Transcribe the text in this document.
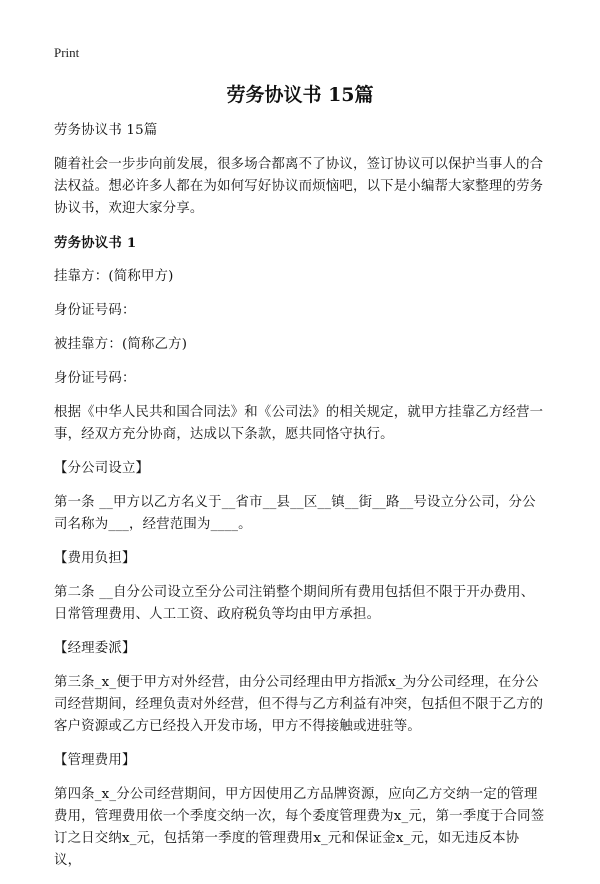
Print
劳务协议书 15篇

劳务协议书 15篇

随着社会一步步向前发展，很多场合都离不了协议，签订协议可以保护当事人的合法权益。想必许多人都在为如何写好协议而烦恼吧，以下是小编帮大家整理的劳务协议书，欢迎大家分享。

劳务协议书 1

挂靠方：(简称甲方)

身份证号码：

被挂靠方：(简称乙方)

身份证号码：

根据《中华人民共和国合同法》和《公司法》的相关规定，就甲方挂靠乙方经营一事，经双方充分协商，达成以下条款，愿共同恪守执行。

【分公司设立】

第一条 __甲方以乙方名义于__省市__县__区__镇__街__路__号设立分公司，分公司名称为___，经营范围为____。

【费用负担】

第二条 __自分公司设立至分公司注销整个期间所有费用包括但不限于开办费用、日常管理费用、人工工资、政府税负等均由甲方承担。

【经理委派】

第三条_x_便于甲方对外经营，由分公司经理由甲方指派x_为分公司经理，在分公司经营期间，经理负责对外经营，但不得与乙方利益有冲突，包括但不限于乙方的客户资源或乙方已经投入开发市场，甲方不得接触或进驻等。

【管理费用】

第四条_x_分公司经营期间，甲方因使用乙方品牌资源，应向乙方交纳一定的管理费用，管理费用依一个季度交纳一次，每个委度管理费为x_元，第一季度于合同签订之日交纳x_元，包括第一季度的管理费用x_元和保证金x_元，如无违反本协议，
